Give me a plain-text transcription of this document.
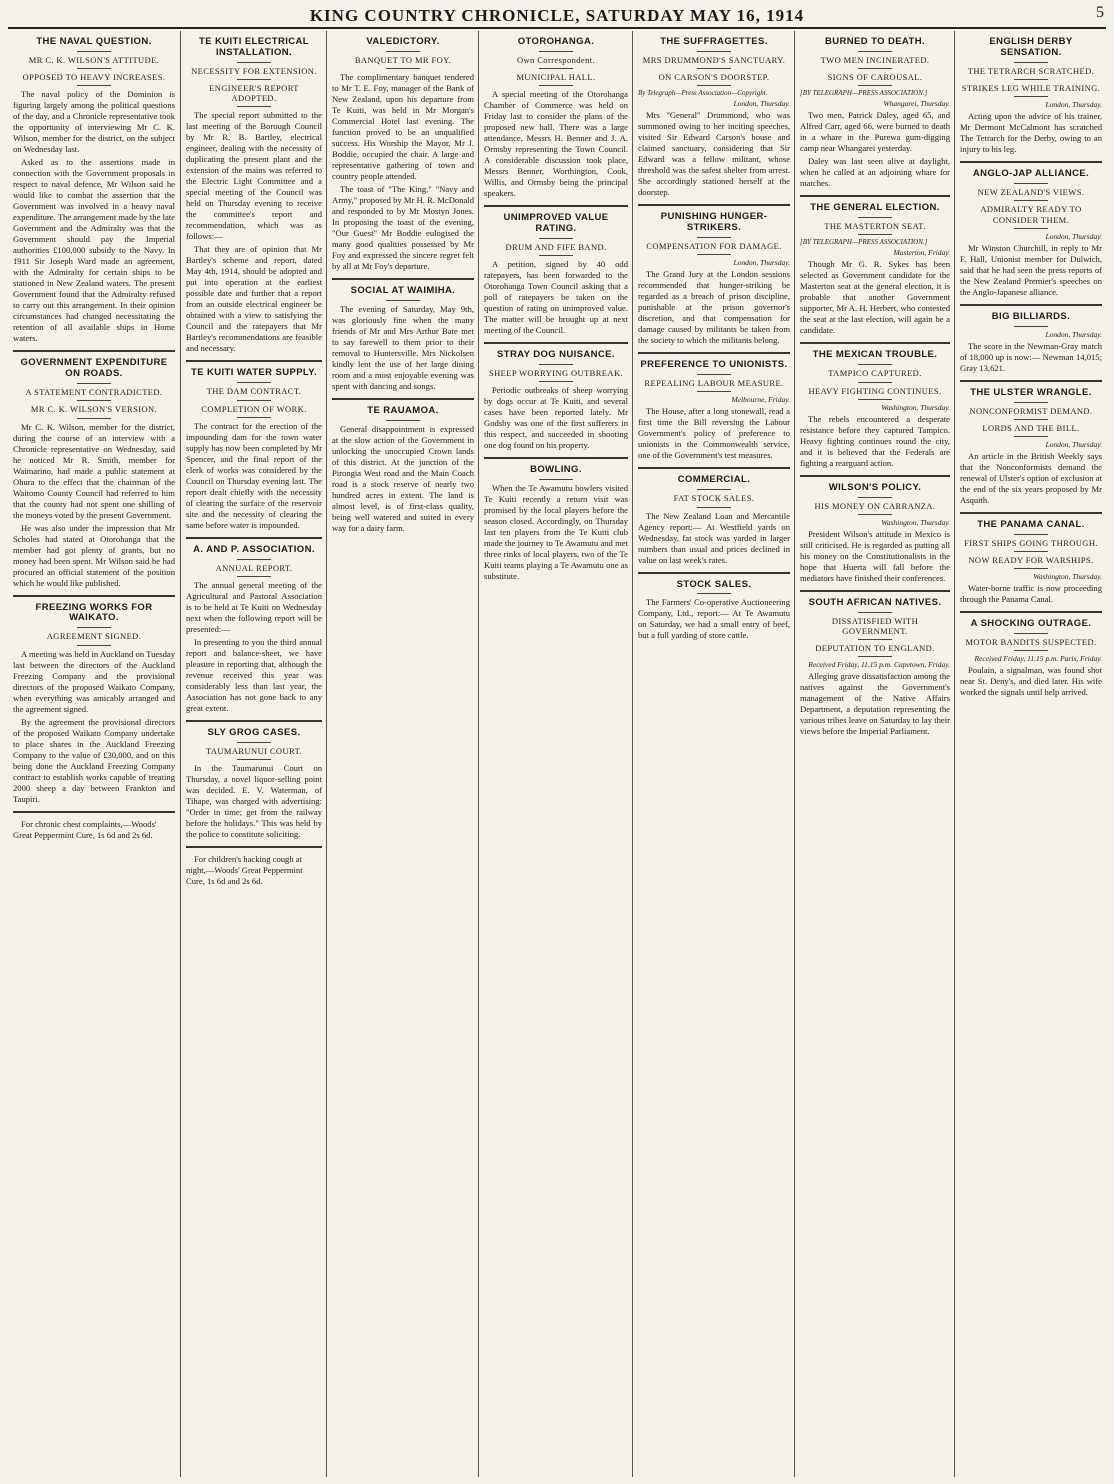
KING COUNTRY CHRONICLE, SATURDAY MAY 16, 1914	5
THE NAVAL QUESTION.
MR C. K. WILSON'S ATTITUDE.
OPPOSED TO HEAVY INCREASES.

The naval policy of the Dominion is figuring largely among the political questions of the day, and a Chronicle representative took the opportunity of interviewing Mr C. K. Wilson, member for the district, on the subject on Wednesday last.

Asked as to the assertions made in connection with the Government proposals in respect to naval defence, Mr Wilson said he would like to combat the assertion that the Government was involved in a heavy naval expenditure. The arrangement made by the late Government and the Admiralty was that the Government should pay the Imperial authorities £100,000 subsidy to the Navy. In 1911 Sir Joseph Ward made an agreement, with the Admiralty for certain ships to be stationed in New Zealand waters. The present Government found that the Admiralty refused to carry out this arrangement. In their opinion circumstances had changed necessitating the retention of all available ships in Home waters.

GOVERNMENT EXPENDITURE ON ROADS.
A STATEMENT CONTRADICTED.
MR C. K. WILSON'S VERSION.

Mr C. K. Wilson, member for the district, during the course of an interview with a Chronicle representative on Wednesday, said he noticed Mr R. Smith, member for Waimarino, had made a public statement at Ohura to the effect that the chairman of the Waitomo County Council had referred to him that the county had not spent one shilling of the moneys voted by the present Government.

He was also under the impression that Mr Scholes had stated at Otorohanga that the member had got plenty of grants, but no money had been spent. Mr Wilson said he had procured an official statement of the position which he would like published.

FREEZING WORKS FOR WAIKATO.
AGREEMENT SIGNED.

A meeting was held in Auckland on Tuesday last between the directors of the Auckland Freezing Company and the provisional directors of the proposed Waikato Company, when everything was amicably arranged and the agreement signed.

By the agreement the provisional directors of the proposed Waikato Company undertake to place shares in the Auckland Freezing Company to the value of £30,000, and on this being done the Auckland Freezing Company contract to establish works capable of treating 2000 sheep a day between Frankton and Taupiri.

For chronic chest complaints,—Woods' Great Peppermint Cure, 1s 6d and 2s 6d.
TE KUITI ELECTRICAL INSTALLATION.
NECESSITY FOR EXTENSION.
ENGINEER'S REPORT ADOPTED.

The special report submitted to the last meeting of the Borough Council by Mr R. B. Bartley, electrical engineer, dealing with the necessity of duplicating the present plant and the extension of the mains was referred to the Electric Light Committee and a special meeting of the Council was held on Thursday evening to receive the committee's report and recommendation, which was as follows:—

That they are of opinion that Mr Bartley's scheme and report, dated May 4th, 1914, should be adopted and put into operation at the earliest possible date and further that a report from an outside electrical engineer be obtained with a view to satisfying the Council and the ratepayers that Mr Bartley's recommendations are feasible and necessary.

TE KUITI WATER SUPPLY.
THE DAM CONTRACT.
COMPLETION OF WORK.

The contract for the erection of the impounding dam for the town water supply has now been completed by Mr Spencer, and the final report of the clerk of works was considered by the Council on Thursday evening last. The report dealt chiefly with the necessity of clearing the surface of the reservoir site and the necessity of clearing the same before water is impounded.

A. AND P. ASSOCIATION.
ANNUAL REPORT.

The annual general meeting of the Agricultural and Pastoral Association is to be held at Te Kuiti on Wednesday next when the following report will be presented:—

In presenting to you the third annual report and balance-sheet, we have pleasure in reporting that, although the revenue received this year was considerably less than last year, the Association has not gone back to any great extent.

SLY GROG CASES.
TAUMARUNUI COURT.

In the Taumarunui Court on Thursday, a novel liquor-selling point was decided. E. V. Waterman, of Tihape, was charged with advertising: "Order in time; get from the railway before the holidays." This was held by the police to constitute soliciting.

For children's hacking cough at night,—Woods' Great Peppermint Cure, 1s 6d and 2s 6d.
VALEDICTORY.
BANQUET TO MR FOY.

The complimentary banquet tendered to Mr T. E. Foy, manager of the Bank of New Zealand, upon his departure from Te Kuiti, was held in Mr Morgan's Commercial Hotel last evening. The function proved to be an unqualified success. His Worship the Mayor, Mr J. Boddie, occupied the chair. A large and representative gathering of town and country people attended.

The toast of "The King," "Navy and Army," proposed by Mr H. R. McDonald and responded to by Mr Mostyn Jones. In proposing the toast of the evening, "Our Guest" Mr Boddie eulogised the many good qualities possessed by Mr Foy and expressed the sincere regret felt by all at Mr Foy's departure.

SOCIAL AT WAIMIHA.

The evening of Saturday, May 9th, was gloriously fine when the many friends of Mr and Mrs Arthur Bate met to say farewell to them prior to their removal to Huntersville. Mrs Nickolsen kindly lent the use of her large dining room and a most enjoyable evening was spent with dancing and songs.

TE RAUAMOA.

General disappointment is expressed at the slow action of the Government in unlocking the unoccupied Crown lands of this district. At the junction of the Pirongia West road and the Main Coach road is a stock reserve of nearly two hundred acres in extent. The land is almost level, is of first-class quality, being well watered and suited in every way for a dairy farm.

OTOROHANGA.
Own Correspondent.
MUNICIPAL HALL.

A special meeting of the Otorohanga Chamber of Commerce was held on Friday last to consider the plans of the proposed new hall. There was a large attendance, Messrs H. Benner and J. A. Ormsby representing the Town Council. A considerable discussion took place, Messrs Benner, Worthington, Cook, Willis, and Ormsby being the principal speakers.

UNIMPROVED VALUE RATING.
DRUM AND FIFE BAND.

A petition, signed by 40 odd ratepayers, has been forwarded to the Otorohanga Town Council asking that a poll of ratepayers be taken on the question of rating on unimproved value. The matter will be brought up at next meeting of the Council.

STRAY DOG NUISANCE.
SHEEP WORRYING OUTBREAK.

Periodic outbreaks of sheep worrying by dogs occur at Te Kuiti, and several cases have been reported lately. Mr Godsby was one of the first sufferers in this respect, and succeeded in shooting one dog found on his property.

BOWLING.

When the Te Awamutu bowlers visited Te Kuiti recently a return visit was promised by the local players before the season closed. Accordingly, on Thursday last ten players from the Te Kuiti club made the journey to Te Awamutu and met three rinks of local players, two of the Te Kuiti teams playing a Te Awamutu one as substitute.

THE SUFFRAGETTES.
MRS DRUMMOND'S SANCTUARY.
ON CARSON'S DOORSTEP.
By Telegraph—Press Association—Copyright.
London, Thursday.

Mrs "General" Drummond, who was summoned owing to her inciting speeches, visited Sir Edward Carson's house and claimed sanctuary, considering that Sir Edward was a fellow militant, whose threshold was the safest shelter from arrest. She accordingly stationed herself at the doorstep.

PUNISHING HUNGER-STRIKERS.
COMPENSATION FOR DAMAGE.
London, Thursday.

The Grand Jury at the London sessions recommended that hunger-striking be regarded as a breach of prison discipline, punishable at the prison governor's discretion, and that compensation for damage caused by militants be taken from the society to which the militants belong.

PREFERENCE TO UNIONISTS.
REPEALING LABOUR MEASURE.
Melbourne, Friday.

The House, after a long stonewall, read a first time the Bill reversing the Labour Government's policy of preference to unionists in the Commonwealth service, one of the Government's test measures.

COMMERCIAL.
FAT STOCK SALES.

The New Zealand Loan and Mercantile Agency report:— At Westfield yards on Wednesday, fat stock was yarded in larger numbers than usual and prices declined in value on last week's rates.

STOCK SALES.

The Farmers' Co-operative Auctioneering Company, Ltd., report:— At Te Awamutu on Saturday, we had a small entry of beef, but a full yarding of store cattle.

BURNED TO DEATH.
TWO MEN INCINERATED.
SIGNS OF CAROUSAL.
[BY TELEGRAPH—PRESS ASSOCIATION.]
Whangarei, Thursday.

Two men, Patrick Daley, aged 65, and Alfred Carr, aged 66, were burned to death in a whare in the Purewa gum-digging camp near Whangarei yesterday.

Daley was last seen alive at daylight, when he called at an adjoining whare for matches.

THE GENERAL ELECTION.
THE MASTERTON SEAT.
[BY TELEGRAPH—PRESS ASSOCIATION.]
Masterton, Friday.

Though Mr G. R. Sykes has been selected as Government candidate for the Masterton seat at the general election, it is probable that another Government supporter, Mr A. H. Herbert, who contested the seat at the last election, will again be a candidate.

THE MEXICAN TROUBLE.
TAMPICO CAPTURED.
HEAVY FIGHTING CONTINUES.
Washington, Thursday.

The rebels encountered a desperate resistance before they captured Tampico. Heavy fighting continues round the city, and it is believed that the Federals are fighting a rearguard action.

WILSON'S POLICY.
HIS MONEY ON CARRANZA.
Washington, Thursday.

President Wilson's attitude in Mexico is still criticised. He is regarded as putting all his money on the Constitutionalists in the hope that Huerta will fall before the mediators have finished their conferences.

SOUTH AFRICAN NATIVES.
DISSATISFIED WITH GOVERNMENT.
DEPUTATION TO ENGLAND.
Received Friday, 11.15 p.m. Capetown, Friday.

Alleging grave dissatisfaction among the natives against the Government's management of the Native Affairs Department, a deputation representing the various tribes leave on Saturday to lay their views before the Imperial Parliament.

ENGLISH DERBY SENSATION.
THE TETRARCH SCRATCHED.
STRIKES LEG WHILE TRAINING.
London, Thursday.

Acting upon the advice of his trainer, Mr Dermont McCalmont has scratched The Tetrarch for the Derby, owing to an injury to his leg.

ANGLO-JAP ALLIANCE.
NEW ZEALAND'S VIEWS.
ADMIRALTY READY TO CONSIDER THEM.
London, Thursday.

Mr Winston Churchill, in reply to Mr F. Hall, Unionist member for Dulwich, said that he had seen the press reports of the New Zealand Premier's speeches on the Anglo-Japanese alliance.

BIG BILLIARDS.
London, Thursday.

The score in the Newman-Gray match of 18,000 up is now:— Newman 14,015; Gray 13,621.

THE ULSTER WRANGLE.
NONCONFORMIST DEMAND.
LORDS AND THE BILL.
London, Thursday.

An article in the British Weekly says that the Nonconformists demand the renewal of Ulster's option of exclusion at the end of the six years proposed by Mr Asquith.

THE PANAMA CANAL.
FIRST SHIPS GOING THROUGH.
NOW READY FOR WARSHIPS.
Washington, Thursday.

Water-borne traffic is now proceeding through the Panama Canal.

A SHOCKING OUTRAGE.
MOTOR BANDITS SUSPECTED.
Received Friday, 11.15 p.m. Paris, Friday.

Poulain, a signalman, was found shot near St. Deny's, and died later. His wife worked the signals until help arrived.
